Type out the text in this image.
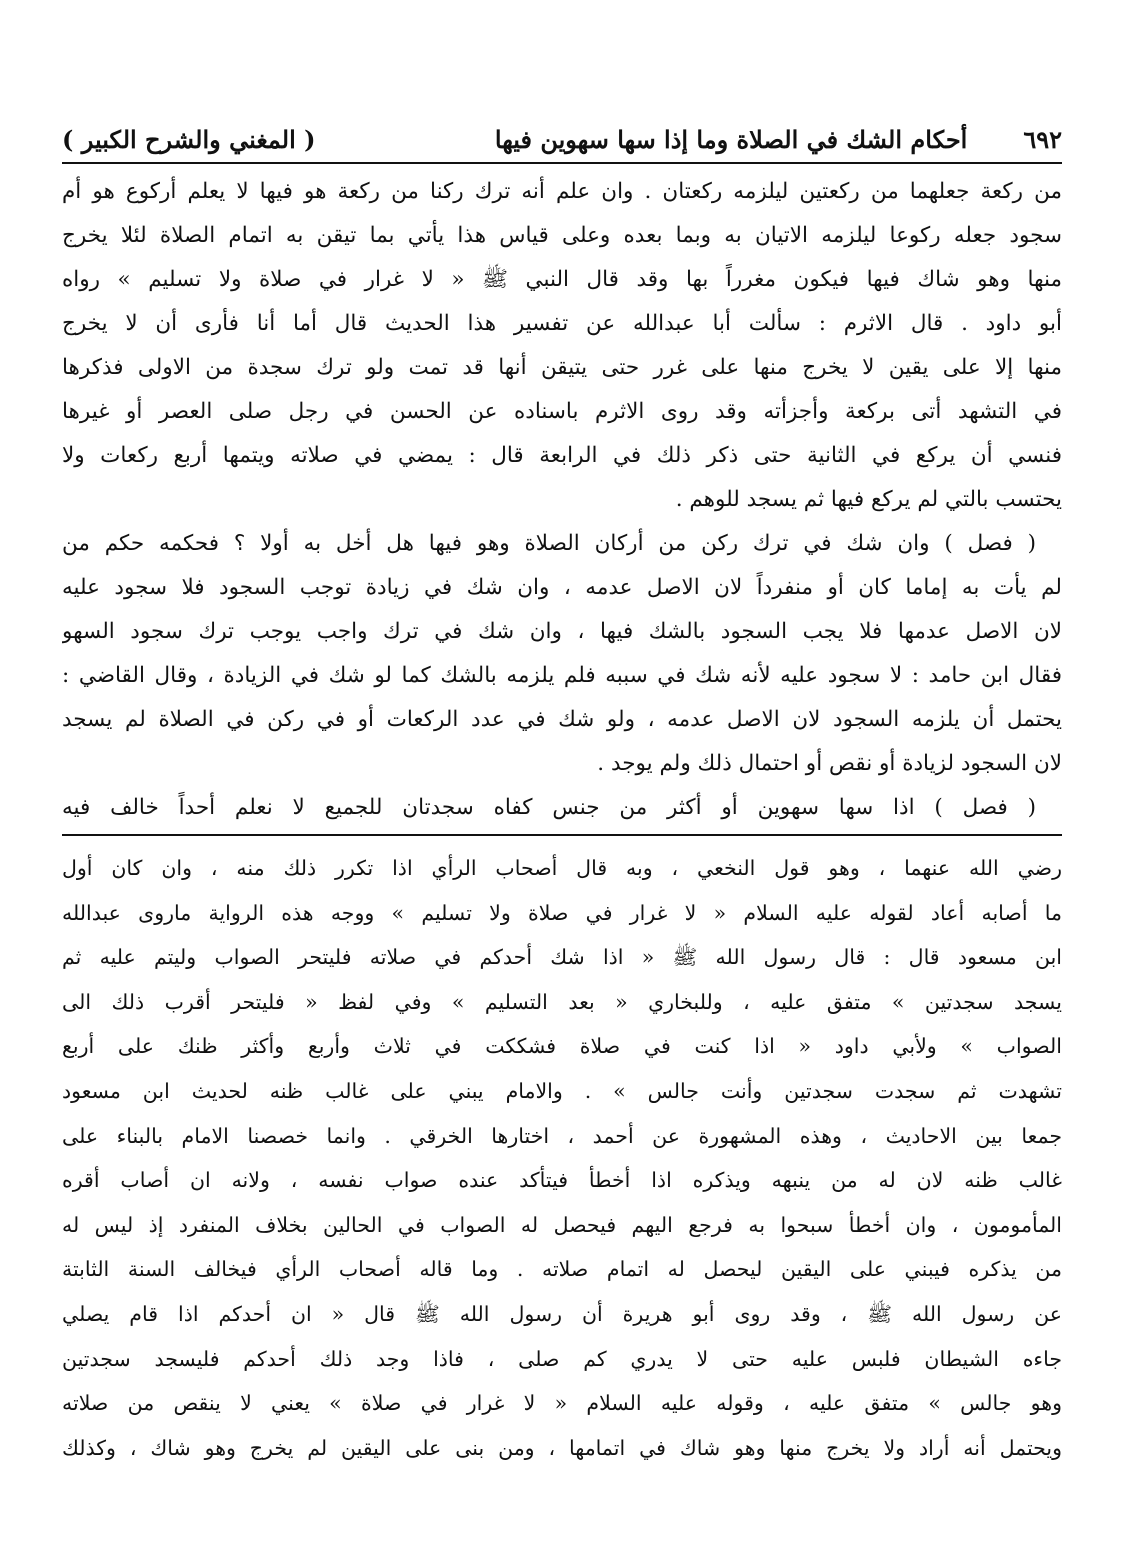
٦٩٢
أحكام الشك في الصلاة وما إذا سها سهوين فيها
( المغني والشرح الكبير )
من ركعة جعلهما من ركعتين ليلزمه ركعتان . وان علم أنه ترك ركنا من ركعة هو فيها لا يعلم أركوع هو أم
سجود جعله ركوعا ليلزمه الاتيان به وبما بعده وعلى قياس هذا يأتي بما تيقن به اتمام الصلاة لئلا يخرج
منها وهو شاك فيها فيكون مغرراً بها وقد قال النبي ﷺ « لا غرار في صلاة ولا تسليم » رواه
أبو داود . قال الاثرم : سألت أبا عبدالله عن تفسير هذا الحديث قال أما أنا فأرى أن لا يخرج
منها إلا على يقين لا يخرج منها على غرر حتى يتيقن أنها قد تمت ولو ترك سجدة من الاولى فذكرها
في التشهد أتى بركعة وأجزأته وقد روى الاثرم باسناده عن الحسن في رجل صلى العصر أو غيرها
فنسي أن يركع في الثانية حتى ذكر ذلك في الرابعة قال : يمضي في صلاته ويتمها أربع ركعات ولا
يحتسب بالتي لم يركع فيها ثم يسجد للوهم .
( فصل ) وان شك في ترك ركن من أركان الصلاة وهو فيها هل أخل به أولا ؟ فحكمه حكم من
لم يأت به إماما كان أو منفرداً لان الاصل عدمه ، وان شك في زيادة توجب السجود فلا سجود عليه
لان الاصل عدمها فلا يجب السجود بالشك فيها ، وان شك في ترك واجب يوجب ترك سجود السهو
فقال ابن حامد : لا سجود عليه لأنه شك في سببه فلم يلزمه بالشك كما لو شك في الزيادة ، وقال القاضي :
يحتمل أن يلزمه السجود لان الاصل عدمه ، ولو شك في عدد الركعات أو في ركن في الصلاة لم يسجد
لان السجود لزيادة أو نقص أو احتمال ذلك ولم يوجد .
( فصل ) اذا سها سهوين أو أكثر من جنس كفاه سجدتان للجميع لا نعلم أحداً خالف فيه
رضي الله عنهما ، وهو قول النخعي ، وبه قال أصحاب الرأي اذا تكرر ذلك منه ، وان كان أول
ما أصابه أعاد لقوله عليه السلام « لا غرار في صلاة ولا تسليم » ووجه هذه الرواية ماروى عبدالله
ابن مسعود قال : قال رسول الله ﷺ « اذا شك أحدكم في صلاته فليتحر الصواب وليتم عليه ثم
يسجد سجدتين » متفق عليه ، وللبخاري « بعد التسليم » وفي لفظ « فليتحر أقرب ذلك الى
الصواب » ولأبي داود « اذا كنت في صلاة فشككت في ثلاث وأربع وأكثر ظنك على أربع
تشهدت ثم سجدت سجدتين وأنت جالس » . والامام يبني على غالب ظنه لحديث ابن مسعود
جمعا بين الاحاديث ، وهذه المشهورة عن أحمد ، اختارها الخرقي . وانما خصصنا الامام بالبناء على
غالب ظنه لان له من ينبهه ويذكره اذا أخطأ فيتأكد عنده صواب نفسه ، ولانه ان أصاب أقره
المأمومون ، وان أخطأ سبحوا به فرجع اليهم فيحصل له الصواب في الحالين بخلاف المنفرد إذ ليس له
من يذكره فيبني على اليقين ليحصل له اتمام صلاته . وما قاله أصحاب الرأي فيخالف السنة الثابتة
عن رسول الله ﷺ ، وقد روى أبو هريرة أن رسول الله ﷺ قال « ان أحدكم اذا قام يصلي
جاءه الشيطان فلبس عليه حتى لا يدري كم صلى ، فاذا وجد ذلك أحدكم فليسجد سجدتين
وهو جالس » متفق عليه ، وقوله عليه السلام « لا غرار في صلاة » يعني لا ينقص من صلاته
ويحتمل أنه أراد ولا يخرج منها وهو شاك في اتمامها ، ومن بنى على اليقين لم يخرج وهو شاك ، وكذلك
